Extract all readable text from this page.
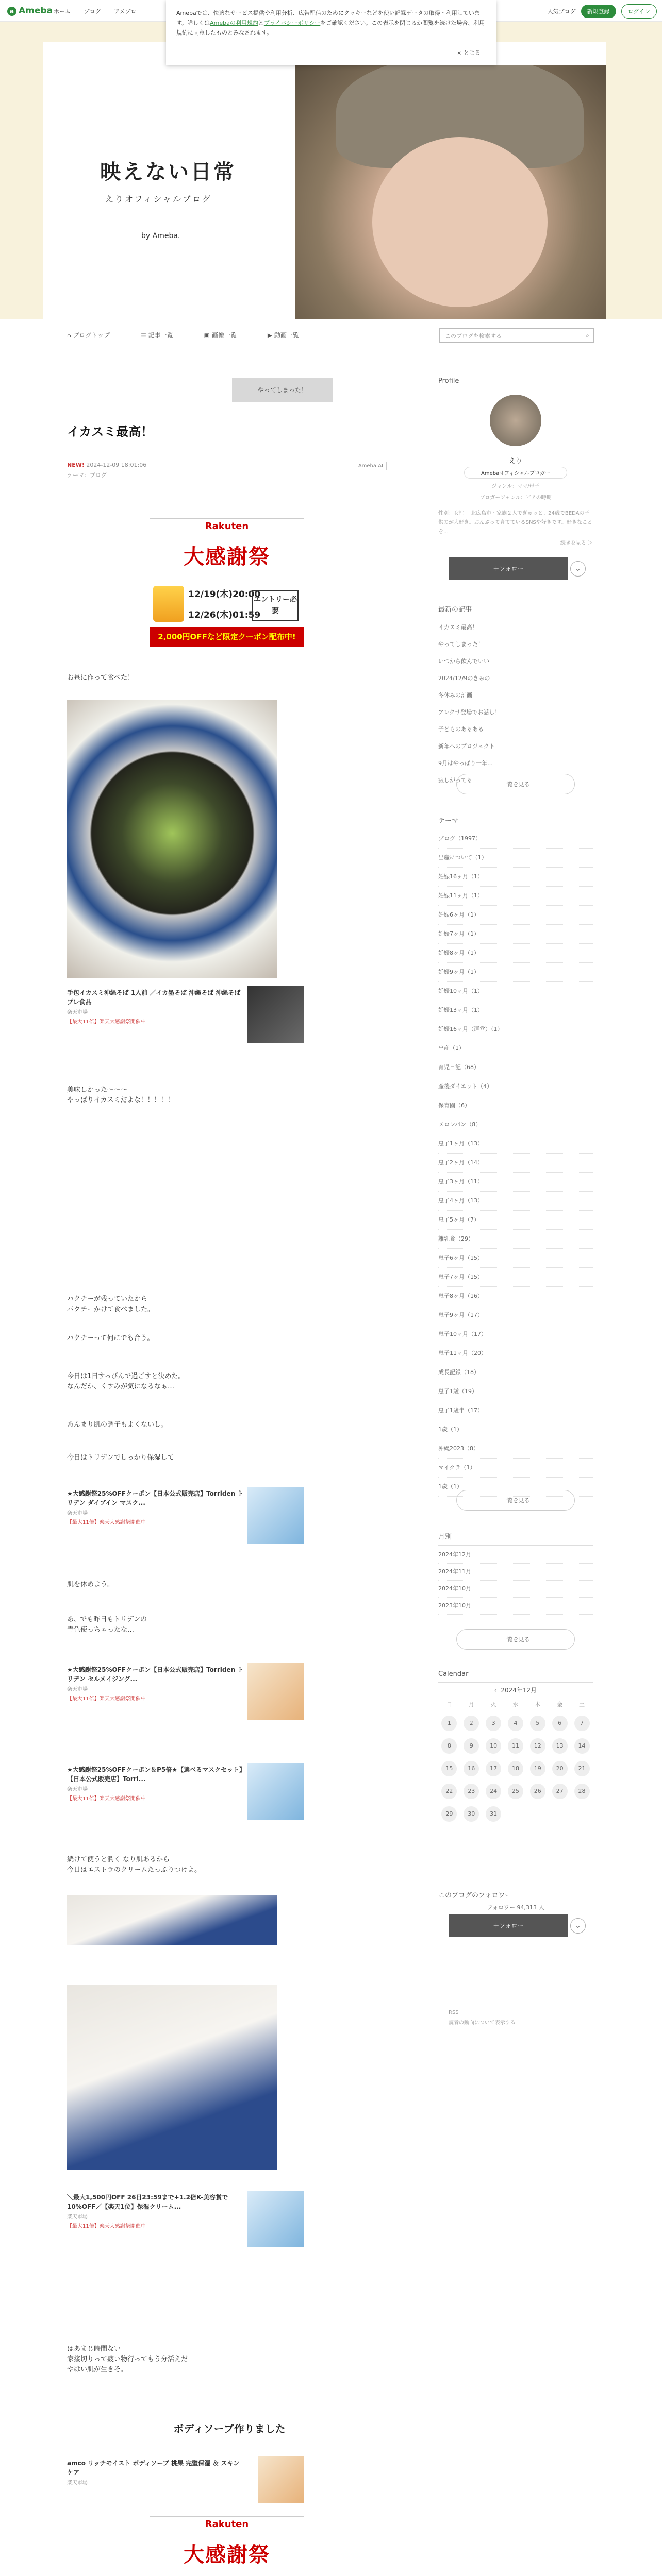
a Ameba ホーム ブログ アメブロ	人気ブログ	新規登録	ログイン
Amebaでは、快適なサービス提供や利用分析、広告配信のためにクッキーなどを使い記録データの取得・利用しています。詳しくはAmebaの利用規約とプライバシーポリシーをご確認ください。この表示を閉じるか閲覧を続けた場合、利用規約に同意したものとみなされます。
× とじる
映えない日常
えりオフィシャルブログ
by Ameba.
⌂ ブログトップ	☰ 記事一覧	▣ 画像一覧	▶ 動画一覧	このブログを検索する	⌕
やってしまった！
イカスミ最高！
NEW! 2024-12-09 18:01:06
テーマ：ブログ
Ameba AI
Rakuten
大感謝祭
12/19(木)20:00
12/26(木)01:59
エントリー必要
2,000円OFFなど限定クーポン配布中!
お昼に作って食べた！
手包イカスミ沖縄そば 1人前 ／イカ墨そば 沖縄そば 沖縄そばプレ食品
楽天市場
【最大11倍】楽天大感謝祭開催中
美味しかった〜〜〜
やっぱりイカスミだよな！！！！！
パクチーが残っていたから
パクチーかけて食べました。
パクチーって何にでも合う。
今日は1日すっぴんで過ごすと決めた。
なんだか、くすみが気になるなぁ…
あんまり肌の調子もよくないし。
今日はトリデンでしっかり保湿して
★大感謝祭25%OFFクーポン【日本公式販売店】Torriden トリデン ダイブイン マスク...
楽天市場
【最大11倍】楽天大感謝祭開催中
肌を休めよう。
あ、でも昨日もトリデンの
青色使っちゃったな…
★大感謝祭25%OFFクーポン【日本公式販売店】Torriden トリデン セルメイジング...
楽天市場
【最大11倍】楽天大感謝祭開催中
★大感謝祭25%OFFクーポン＆P5倍★【選べるマスクセット】【日本公式販売店】Torri...
楽天市場
【最大11倍】楽天大感謝祭開催中
続けて使うと潤く なり肌あるから
今日はエストラのクリームたっぷりつけよ。
＼最大1,500円OFF 26日23:59まで+1.2倍K-美容賞で10%OFF／【楽天1位】保湿クリーム...
楽天市場
【最大11倍】楽天大感謝祭開催中
はあまじ時間ない
家接切りって疲い物行ってもう分活えだ
やはい肌が生きそ。
ボディソープ作りました
amco リッチモイスト ボディソープ 桃果 完璧保湿 ＆ スキンケア
楽天市場
Rakuten
大感謝祭
Profile
えり
Amebaオフィシャルブロガー
ジャンル：ママ/母子
ブロガージャンル：ビアの時期
性別：女性　 北広島市・家族２人でぎゅっと。24歳でBEDAの子供のが大好き。おんぶって育てているSNSや好きです。好きなことを…
続きを見る ＞
＋フォロー	⌄
最新の記事
イカスミ最高！
やってしまった！
いつから飲んでいい
2024/12/9のきみの
冬休みの計画
アレクサ登場でお話し！
子どものあるある
新年へのプロジェクト
9月はやっぱり一年…
寂しがってる
一覧を見る
テーマ
ブログ（1997）
出産について（1）
妊娠16ヶ月（1）
妊娠11ヶ月（1）
妊娠6ヶ月（1）
妊娠7ヶ月（1）
妊娠8ヶ月（1）
妊娠9ヶ月（1）
妊娠10ヶ月（1）
妊娠13ヶ月（1）
妊娠16ヶ月（運営）（1）
出産（1）
育児日記（68）
産後ダイエット（4）
保育園（6）
メロンパン（8）
息子1ヶ月（13）
息子2ヶ月（14）
息子3ヶ月（11）
息子4ヶ月（13）
息子5ヶ月（7）
離乳食（29）
息子6ヶ月（15）
息子7ヶ月（15）
息子8ヶ月（16）
息子9ヶ月（17）
息子10ヶ月（17）
息子11ヶ月（20）
成長記録（18）
息子1歳（19）
息子1歳半（17）
1歳（1）
沖縄2023（8）
マイクラ（1）
1歳（1）
一覧を見る
月別
2024年12月
2024年11月
2024年10月
2023年10月
一覧を見る
Calendar
‹ 2024年12月
日	月	火	水	木	金	土
1	2	3	4	5	6	7
8	9	10	11	12	13	14
15	16	17	18	19	20	21
22	23	24	25	26	27	28
29	30	31				
このブログのフォロワー
フォロワー 94,313 人
＋フォロー	⌄
RSS
読者の動向について表示する
